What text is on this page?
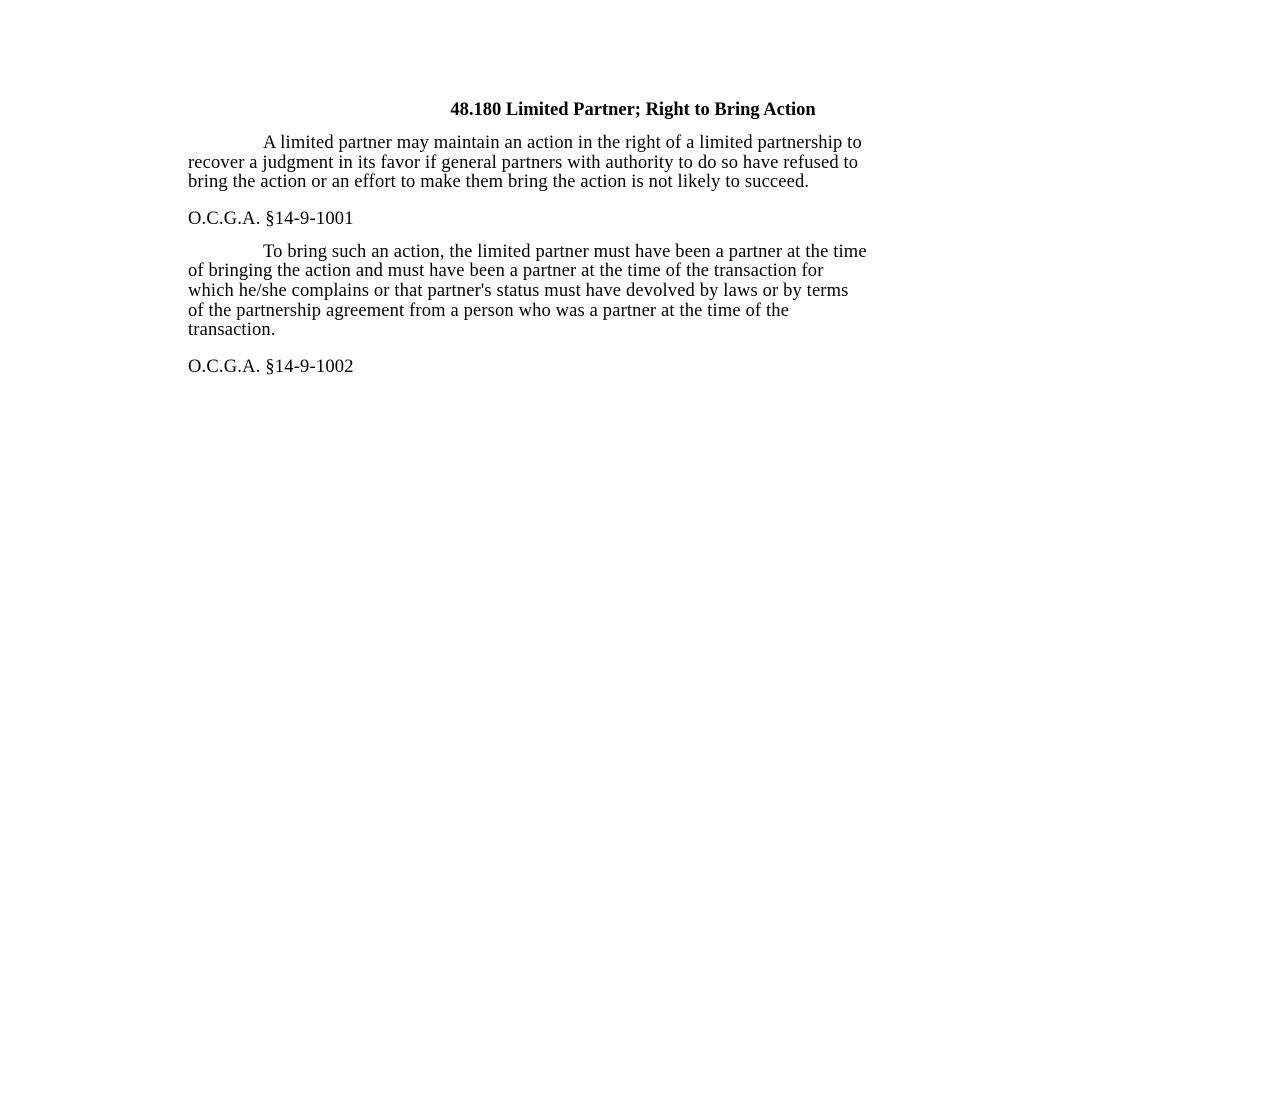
48.180 Limited Partner; Right to Bring Action
A limited partner may maintain an action in the right of a limited partnership to
recover a judgment in its favor if general partners with authority to do so have refused to
bring the action or an effort to make them bring the action is not likely to succeed.
O.C.G.A. §14-9-1001
To bring such an action, the limited partner must have been a partner at the time
of bringing the action and must have been a partner at the time of the transaction for
which he/she complains or that partner's status must have devolved by laws or by terms
of the partnership agreement from a person who was a partner at the time of the
transaction.
O.C.G.A. §14-9-1002
